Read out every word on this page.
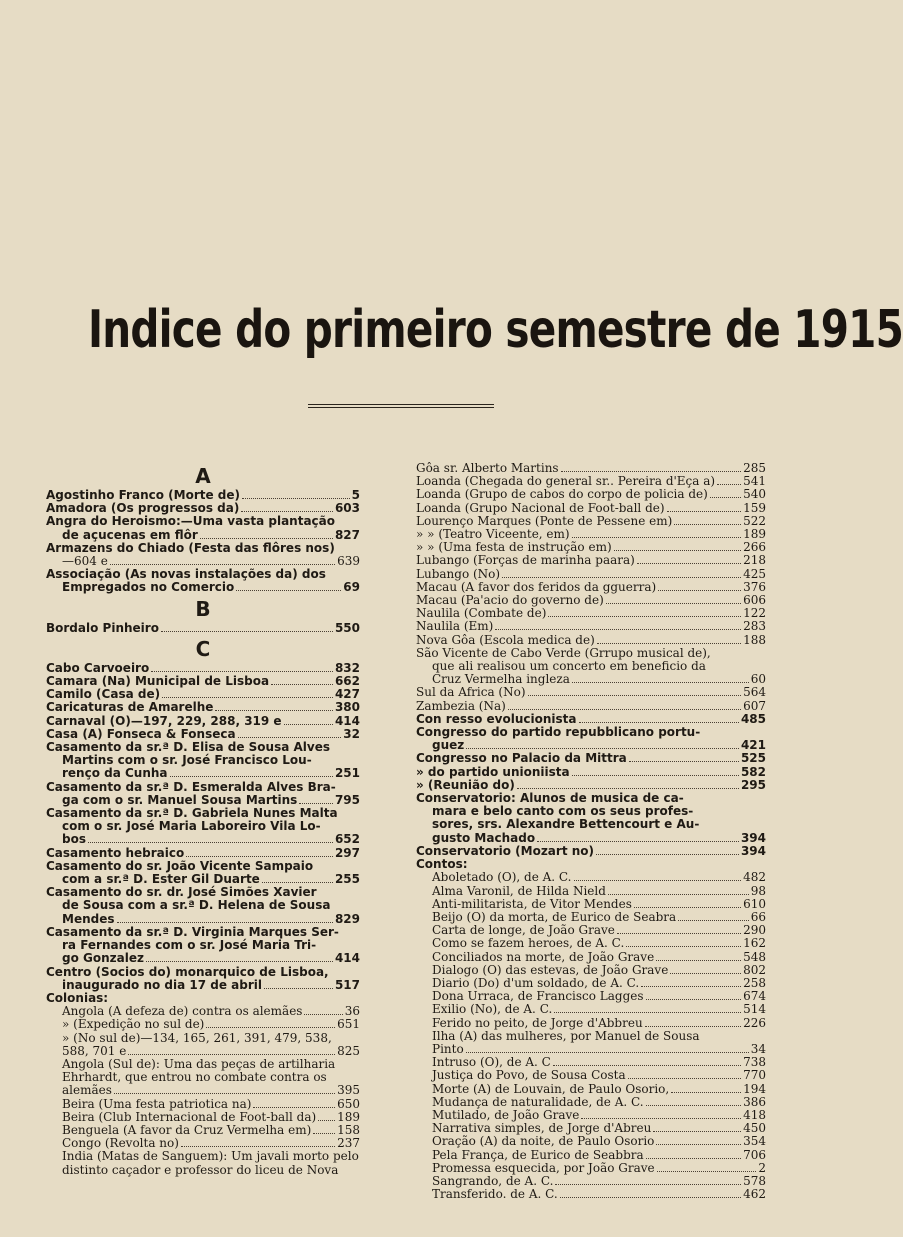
Indice do primeiro semestre de 1915
A
Agostinho Franco (Morte de)	5
Amadora (Os progressos da)	603
Angra do Heroismo:—Uma vasta plantação
de açucenas em flôr	827
Armazens do Chiado (Festa das flôres nos)
—604 e	639
Associação (As novas instalações da) dos
Empregados no Comercio	69
B
Bordalo Pinheiro	550
C
Cabo Carvoeiro	832
Camara (Na) Municipal de Lisboa	662
Camilo (Casa de)	427
Caricaturas de Amarelhe	380
Carnaval (O)—197, 229, 288, 319 e	414
Casa (A) Fonseca & Fonseca	32
Casamento da sr.ª D. Elisa de Sousa Alves
Martins com o sr. José Francisco Lou-
renço da Cunha	251
Casamento da sr.ª D. Esmeralda Alves Bra-
ga com o sr. Manuel Sousa Martins	795
Casamento da sr.ª D. Gabriela Nunes Malta
com o sr. José Maria Laboreiro Vila Lo-
bos	652
Casamento hebraico	297
Casamento do sr. João Vicente Sampaio
com a sr.ª D. Ester Gil Duarte	255
Casamento do sr. dr. José Simões Xavier
de Sousa com a sr.ª D. Helena de Sousa
Mendes	829
Casamento da sr.ª D. Virginia Marques Ser-
ra Fernandes com o sr. José Maria Tri-
go Gonzalez	414
Centro (Socios do) monarquico de Lisboa,
inaugurado no dia 17 de abril	517
Colonias:
Angola (A defeza de) contra os alemães	36
» (Expedição no sul de)	651
» (No sul de)—134, 165, 261, 391, 479, 538,
588, 701 e	825
Angola (Sul de): Uma das peças de artilharia
Ehrhardt, que entrou no combate contra os
alemães	395
Beira (Uma festa patriotica na)	650
Beira (Club Internacional de Foot-ball da) 189
Benguela (A favor da Cruz Vermelha em) 158
Congo (Revolta no)	237
India (Matas de Sanguem): Um javali morto pelo
distinto caçador e professor do liceu de Nova
Gôa sr. Alberto Martins	285
Loanda (Chegada do general sr.. Pereira d'Eça a) 541
Loanda (Grupo de cabos do corpo de policia de)	540
Loanda (Grupo Nacional de Foot-ball de)	159
Lourenço Marques (Ponte de Pessene em)	522
» » (Teatro Viceente, em)	189
» » (Uma festa de instrução em)	266
Lubango (Forças de marinha paara)	218
Lubango (No)	425
Macau (A favor dos feridos da gguerra)	376
Macau (Pa'acio do governo de)	606
Naulila (Combate de)	122
Naulila (Em)	283
Nova Gôa (Escola medica de)	188
São Vicente de Cabo Verde (Grrupo musical de),
que ali realisou um concerto em beneficio da
Cruz Vermelha ingleza	60
Sul da Africa (No)	564
Zambezia (Na)	607
Con resso evolucionista	485
Congresso do partido repubblicano portu-
guez	421
Congresso no Palacio da Mittra	525
» do partido unioniista	582
» (Reunião do)	295
Conservatorio: Alunos de musica de ca-
mara e belo canto com os seus profes-
sores, srs. Alexandre Bettencourt e Au-
gusto Machado	394
Conservatorio (Mozart no)	394
Contos:
Aboletado (O), de A. C.	482
Alma Varonil, de Hilda Nield	98
Anti-militarista, de Vitor Mendes	610
Beijo (O) da morta, de Eurico de Seabra	66
Carta de longe, de João Grave	290
Como se fazem heroes, de A. C.	162
Conciliados na morte, de João Grave	548
Dialogo (O) das estevas, de João Grave	802
Diario (Do) d'um soldado, de A. C.	258
Dona Urraca, de Francisco Lagges	674
Exilio (No), de A. C.	514
Ferido no peito, de Jorge d'Abbreu	226
Ilha (A) das mulheres, por Manuel de Sousa
Pinto	34
Intruso (O), de A. C	738
Justiça do Povo, de Sousa Costa	770
Morte (A) de Louvain, de Paulo Osorio,	194
Mudança de naturalidade, de A. C.	386
Mutilado, de João Grave	418
Narrativa simples, de Jorge d'Abreu	450
Oração (A) da noite, de Paulo Osorio	354
Pela França, de Eurico de Seabbra	706
Promessa esquecida, por João Grave	2
Sangrando, de A. C.	578
Transferido. de A. C.	462
